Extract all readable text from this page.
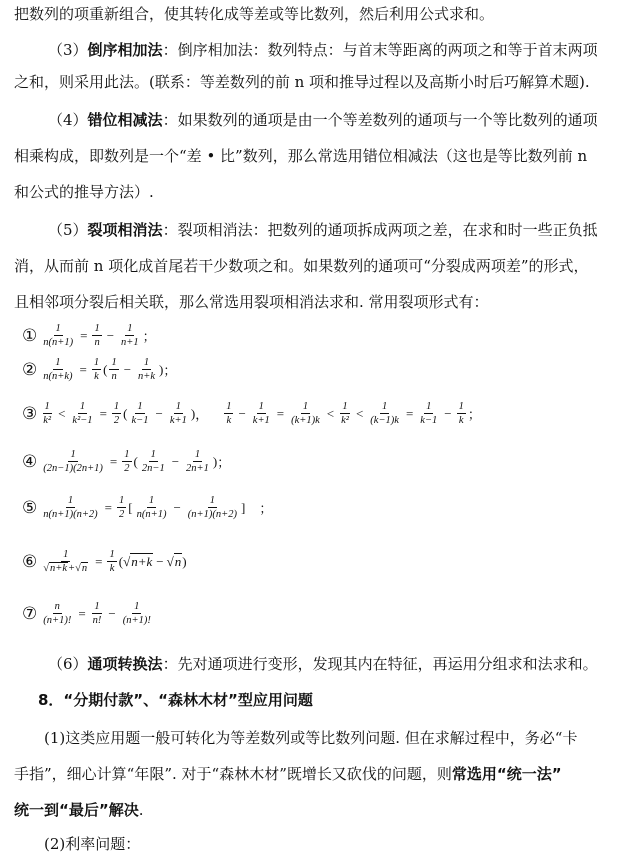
把数列的项重新组合，使其转化成等差或等比数列，然后利用公式求和。
（3）倒序相加法：倒序相加法：数列特点：与首末等距离的两项之和等于首末两项
之和，则采用此法。(联系：等差数列的前 n 项和推导过程以及高斯小时后巧解算术题).
（4）错位相减法：如果数列的通项是由一个等差数列的通项与一个等比数列的通项
相乘构成，即数列是一个“差 • 比”数列，那么常选用错位相减法（这也是等比数列前 n
和公式的推导方法）.
（5）裂项相消法：裂项相消法：把数列的通项拆成两项之差，在求和时一些正负抵
消，从而前 n 项化成首尾若干少数项之和。如果数列的通项可“分裂成两项差”的形式，
且相邻项分裂后相关联，那么常选用裂项相消法求和. 常用裂项形式有：
① $\frac{1}{n(n+1)} = \frac{1}{n} - \frac{1}{n+1}$ ；
② $\frac{1}{n(n+k)} = \frac{1}{k}$ ( $\frac{1}{n} - \frac{1}{n+k}$ ) ；
③ $\frac{1}{\text{k²}} < \frac{1}{\text{k²−1}} = \frac{1}{2}$ ( $\frac{1}{k-1} - \frac{1}{k+1}$ ) ， $\frac{1}{k} - \frac{1}{k+1} = \frac{1}{(k+1)k} < \frac{1}{\text{k²}} < \frac{1}{(k-1)k} = \frac{1}{k-1} - \frac{1}{k}$ ；
④ $\frac{1}{(2n-1)(2n+1)} = \frac{1}{2}$ ( $\frac{1}{2n-1} - \frac{1}{2n+1}$ ) ；
⑤ $\frac{1}{n(n+1)(n+2)} = \frac{1}{2}$ [ $\frac{1}{n(n+1)} - \frac{1}{(n+1)(n+2)}$ ] ；
⑥ $\frac{1}{√n+k+√n} = \frac{1}{k}$ ( √ n+k − √ n )
⑦ $\frac{n}{(n+1)!} = \frac{1}{n!} - \frac{1}{(n+1)!}$
（6）通项转换法：先对通项进行变形，发现其内在特征，再运用分组求和法求和。
8．“分期付款”、“森林木材”型应用问题
(1)这类应用题一般可转化为等差数列或等比数列问题. 但在求解过程中，务必“卡
手指”，细心计算“年限”. 对于“森林木材”既增长又砍伐的问题，则常选用“统一法”
统一到“最后”解决.
(2)利率问题：
